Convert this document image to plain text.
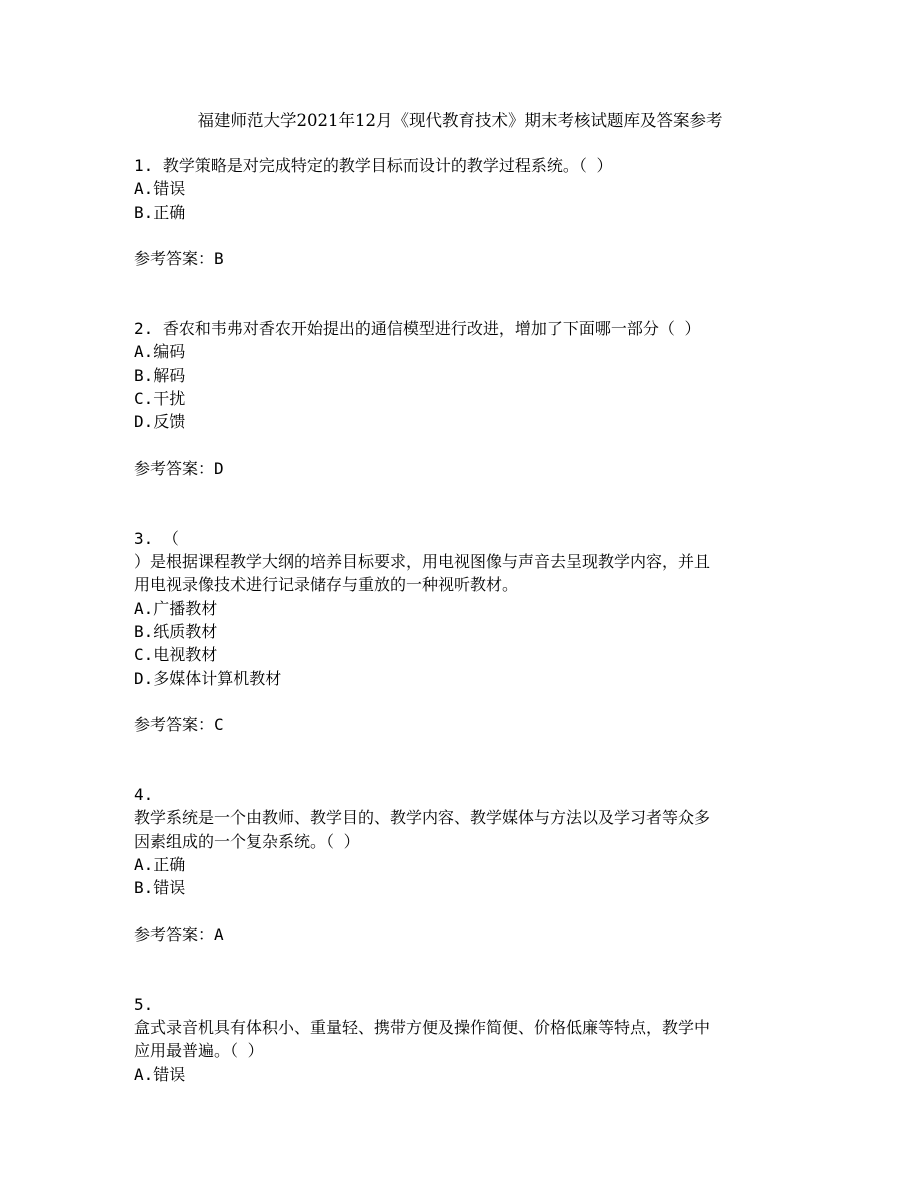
福建师范大学2021年12月《现代教育技术》期末考核试题库及答案参考
1. 教学策略是对完成特定的教学目标而设计的教学过程系统。（ ）
A.错误
B.正确
参考答案：B
2. 香农和韦弗对香农开始提出的通信模型进行改进，增加了下面哪一部分（ ）
A.编码
B.解码
C.干扰
D.反馈
参考答案：D
3. （
）是根据课程教学大纲的培养目标要求，用电视图像与声音去呈现教学内容，并且
用电视录像技术进行记录储存与重放的一种视听教材。
A.广播教材
B.纸质教材
C.电视教材
D.多媒体计算机教材
参考答案：C
4.
教学系统是一个由教师、教学目的、教学内容、教学媒体与方法以及学习者等众多
因素组成的一个复杂系统。（ ）
A.正确
B.错误
参考答案：A
5.
盒式录音机具有体积小、重量轻、携带方便及操作简便、价格低廉等特点，教学中
应用最普遍。（ ）
A.错误
